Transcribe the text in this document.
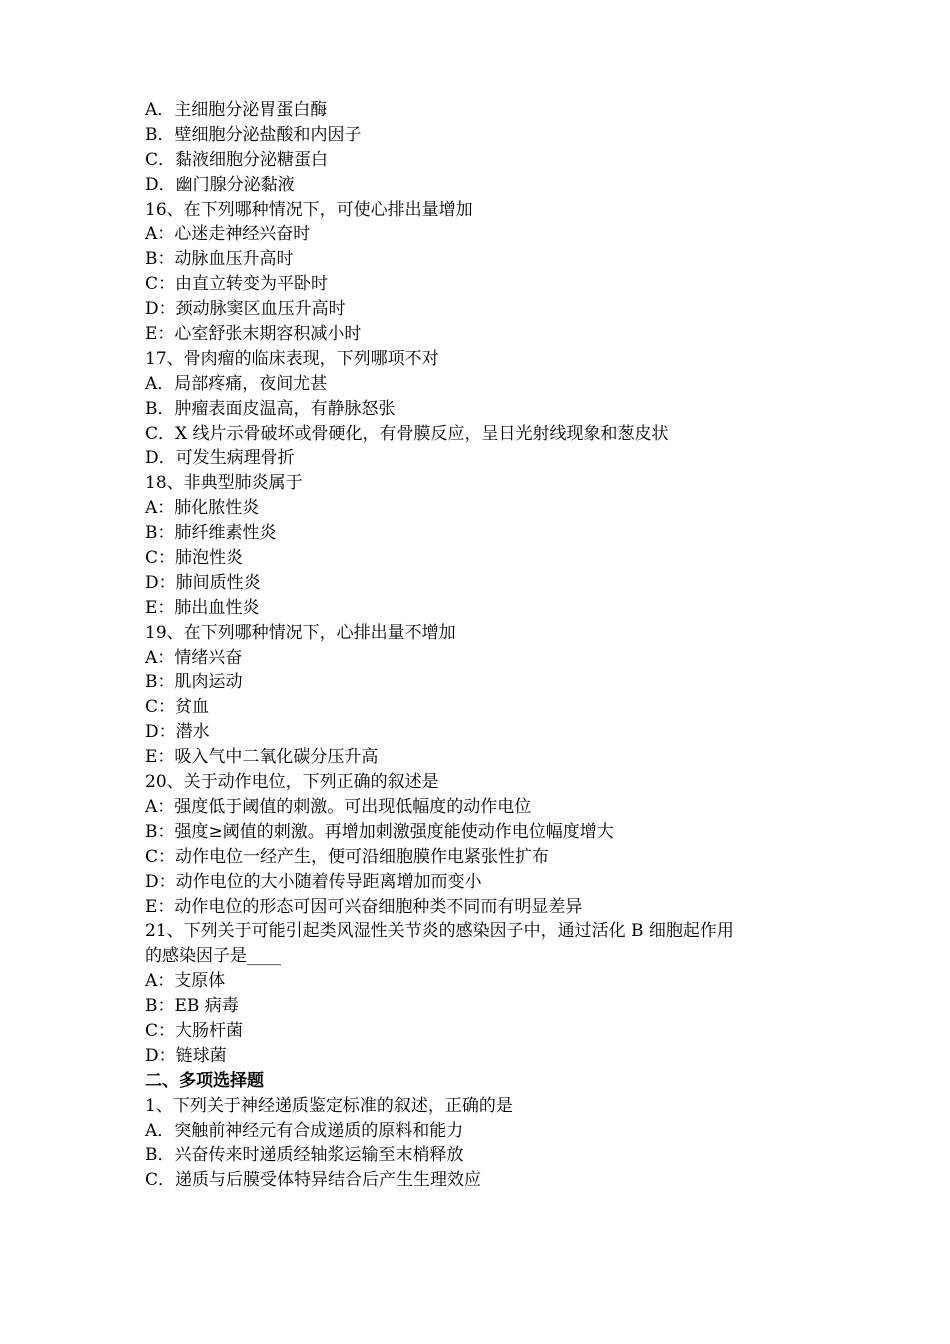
A．主细胞分泌胃蛋白酶
B．壁细胞分泌盐酸和内因子
C．黏液细胞分泌糖蛋白
D．幽门腺分泌黏液
16、在下列哪种情况下，可使心排出量增加
A：心迷走神经兴奋时
B：动脉血压升高时
C：由直立转变为平卧时
D：颈动脉窦区血压升高时
E：心室舒张末期容积减小时
17、骨肉瘤的临床表现，下列哪项不对
A．局部疼痛，夜间尤甚
B．肿瘤表面皮温高，有静脉怒张
C．X 线片示骨破坏或骨硬化，有骨膜反应，呈日光射线现象和葱皮状
D．可发生病理骨折
18、非典型肺炎属于
A：肺化脓性炎
B：肺纤维素性炎
C：肺泡性炎
D：肺间质性炎
E：肺出血性炎
19、在下列哪种情况下，心排出量不增加
A：情绪兴奋
B：肌肉运动
C：贫血
D：潜水
E：吸入气中二氧化碳分压升高
20、关于动作电位，下列正确的叙述是
A：强度低于阈值的刺激。可出现低幅度的动作电位
B：强度≥阈值的刺激。再增加刺激强度能使动作电位幅度增大
C：动作电位一经产生，便可沿细胞膜作电紧张性扩布
D：动作电位的大小随着传导距离增加而变小
E：动作电位的形态可因可兴奋细胞种类不同而有明显差异
21、下列关于可能引起类风湿性关节炎的感染因子中，通过活化 B 细胞起作用
的感染因子是____
A：支原体
B：EB 病毒
C：大肠杆菌
D：链球菌
二、多项选择题
1、下列关于神经递质鉴定标准的叙述，正确的是
A．突触前神经元有合成递质的原料和能力
B．兴奋传来时递质经轴浆运输至末梢释放
C．递质与后膜受体特异结合后产生生理效应
